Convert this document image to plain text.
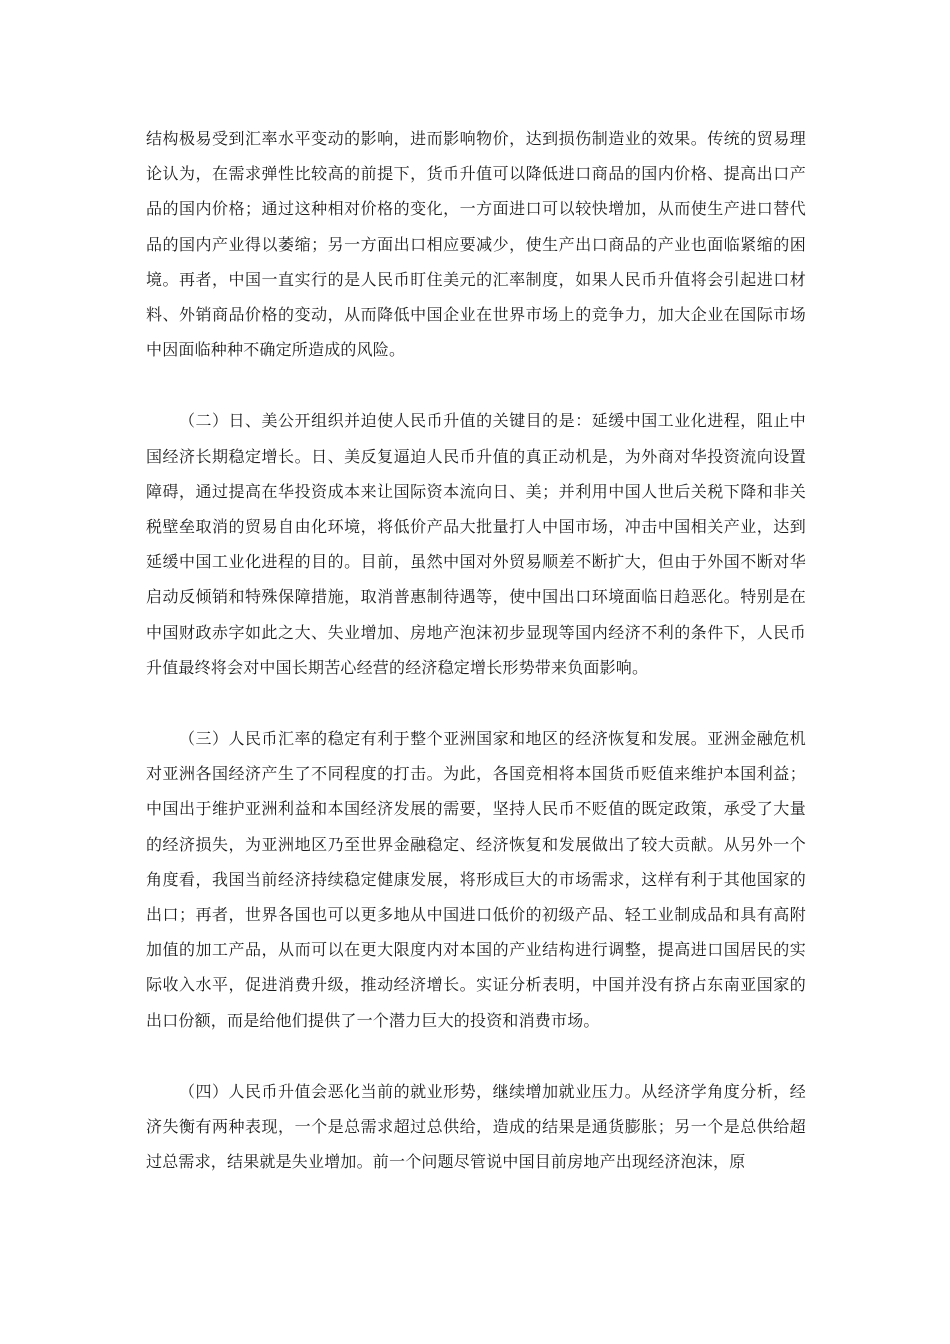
结构极易受到汇率水平变动的影响，进而影响物价，达到损伤制造业的效果。传统的贸易理论认为，在需求弹性比较高的前提下，货币升值可以降低进口商品的国内价格、提高出口产品的国内价格；通过这种相对价格的变化，一方面进口可以较快增加，从而使生产进口替代品的国内产业得以萎缩；另一方面出口相应要减少，使生产出口商品的产业也面临紧缩的困境。再者，中国一直实行的是人民币盯住美元的汇率制度，如果人民币升值将会引起进口材料、外销商品价格的变动，从而降低中国企业在世界市场上的竞争力，加大企业在国际市场中因面临种种不确定所造成的风险。

（二）日、美公开组织并迫使人民币升值的关键目的是：延缓中国工业化进程，阻止中国经济长期稳定增长。日、美反复逼迫人民币升值的真正动机是，为外商对华投资流向设置障碍，通过提高在华投资成本来让国际资本流向日、美；并利用中国人世后关税下降和非关税壁垒取消的贸易自由化环境，将低价产品大批量打人中国市场，冲击中国相关产业，达到延缓中国工业化进程的目的。目前，虽然中国对外贸易顺差不断扩大，但由于外国不断对华启动反倾销和特殊保障措施，取消普惠制待遇等，使中国出口环境面临日趋恶化。特别是在中国财政赤字如此之大、失业增加、房地产泡沫初步显现等国内经济不利的条件下，人民币升值最终将会对中国长期苦心经营的经济稳定增长形势带来负面影响。

（三）人民币汇率的稳定有利于整个亚洲国家和地区的经济恢复和发展。亚洲金融危机对亚洲各国经济产生了不同程度的打击。为此，各国竞相将本国货币贬值来维护本国利益；中国出于维护亚洲利益和本国经济发展的需要，坚持人民币不贬值的既定政策，承受了大量的经济损失，为亚洲地区乃至世界金融稳定、经济恢复和发展做出了较大贡献。从另外一个角度看，我国当前经济持续稳定健康发展，将形成巨大的市场需求，这样有利于其他国家的出口；再者，世界各国也可以更多地从中国进口低价的初级产品、轻工业制成品和具有高附加值的加工产品，从而可以在更大限度内对本国的产业结构进行调整，提高进口国居民的实际收入水平，促进消费升级，推动经济增长。实证分析表明，中国并没有挤占东南亚国家的出口份额，而是给他们提供了一个潜力巨大的投资和消费市场。

（四）人民币升值会恶化当前的就业形势，继续增加就业压力。从经济学角度分析，经济失衡有两种表现，一个是总需求超过总供给，造成的结果是通货膨胀；另一个是总供给超过总需求，结果就是失业增加。前一个问题尽管说中国目前房地产出现经济泡沫，原
